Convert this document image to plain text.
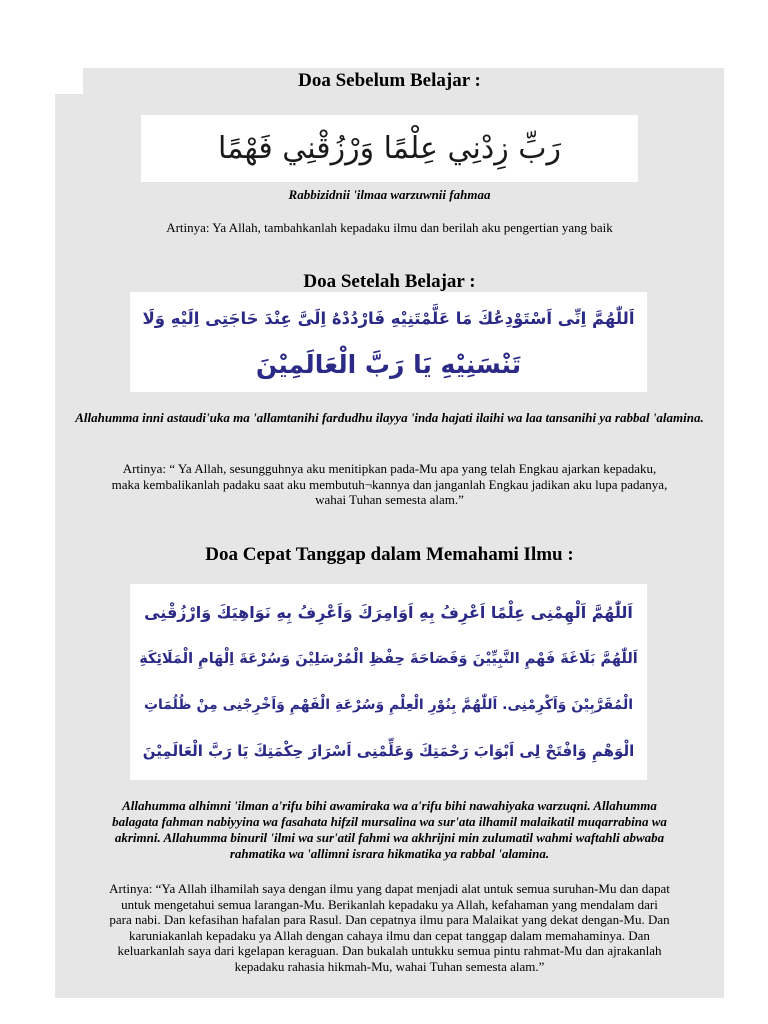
Doa Sebelum Belajar :
رَبِّ زِدْنِي عِلْمًا وَرْزُقْنِي فَهْمًا

Rabbizidnii 'ilmaa warzuwnii fahmaa

Artinya: Ya Allah, tambahkanlah kepadaku ilmu dan berilah aku pengertian yang baik

Doa Setelah Belajar :
اَللّٰهُمَّ اِنِّى اَسْتَوْدِعُكَ مَا عَلَّمْتَنِيْهِ فَارْدُدْهُ اِلَىَّ عِنْدَ حَاجَتِى اِلَيْهِ وَلَا
تَنْسَنِيْهِ يَا رَبَّ الْعَالَمِيْنَ

Allahumma inni astaudi'uka ma 'allamtanihi fardudhu ilayya 'inda hajati ilaihi wa laa tansanihi ya rabbal 'alamina.

Artinya: “ Ya Allah, sesungguhnya aku menitipkan pada-Mu apa yang telah Engkau ajarkan kepadaku,
maka kembalikanlah padaku saat aku membutuh¬kannya dan janganlah Engkau jadikan aku lupa padanya,
wahai Tuhan semesta alam.”
Doa Cepat Tanggap dalam Memahami Ilmu :
اَللّٰهُمَّ اَلْهِمْنِى عِلْمًا اَعْرِفُ بِهِ اَوَامِرَكَ وَاَعْرِفُ بِهِ نَوَاهِيَكَ وَارْزُقْنِى
اَللّٰهُمَّ بَلَاغَةَ فَهْمِ النَّبِيِّيْنَ وَفَصَاحَةَ حِفْظِ الْمُرْسَلِيْنَ وَسُرْعَةَ اِلْهَامِ الْمَلَائِكَةِ
الْمُقَرَّبِيْنَ وَاَكْرِمْنِى. اَللّٰهُمَّ بِنُوْرِ الْعِلْمِ وَسُرْعَةِ الْفَهْمِ وَاَخْرِجْنِى مِنْ ظُلُمَاتِ
الْوَهْمِ وَافْتَحْ لِى اَبْوَابَ رَحْمَتِكَ وَعَلِّمْنِى اَسْرَارَ حِكْمَتِكَ يَا رَبَّ الْعَالَمِيْنَ
Allahumma alhimni 'ilman a'rifu bihi awamiraka wa a'rifu bihi nawahiyaka warzuqni. Allahumma
balagata fahman nabiyyina wa fasahata hifzil mursalina wa sur'ata ilhamil malaikatil muqarrabina wa
akrimni. Allahumma binuril 'ilmi wa sur'atil fahmi wa akhrijni min zulumatil wahmi waftahli abwaba
rahmatika wa 'allimni israra hikmatika ya rabbal 'alamina.
Artinya: “Ya Allah ilhamilah saya dengan ilmu yang dapat menjadi alat untuk semua suruhan-Mu dan dapat
untuk mengetahui semua larangan-Mu. Berikanlah kepadaku ya Allah, kefahaman yang mendalam dari
para nabi. Dan kefasihan hafalan para Rasul. Dan cepatnya ilmu para Malaikat yang dekat dengan-Mu. Dan
karuniakanlah kepadaku ya Allah dengan cahaya ilmu dan cepat tanggap dalam memahaminya. Dan
keluarkanlah saya dari kgelapan keraguan. Dan bukalah untukku semua pintu rahmat-Mu dan ajrakanlah
kepadaku rahasia hikmah-Mu, wahai Tuhan semesta alam.”
